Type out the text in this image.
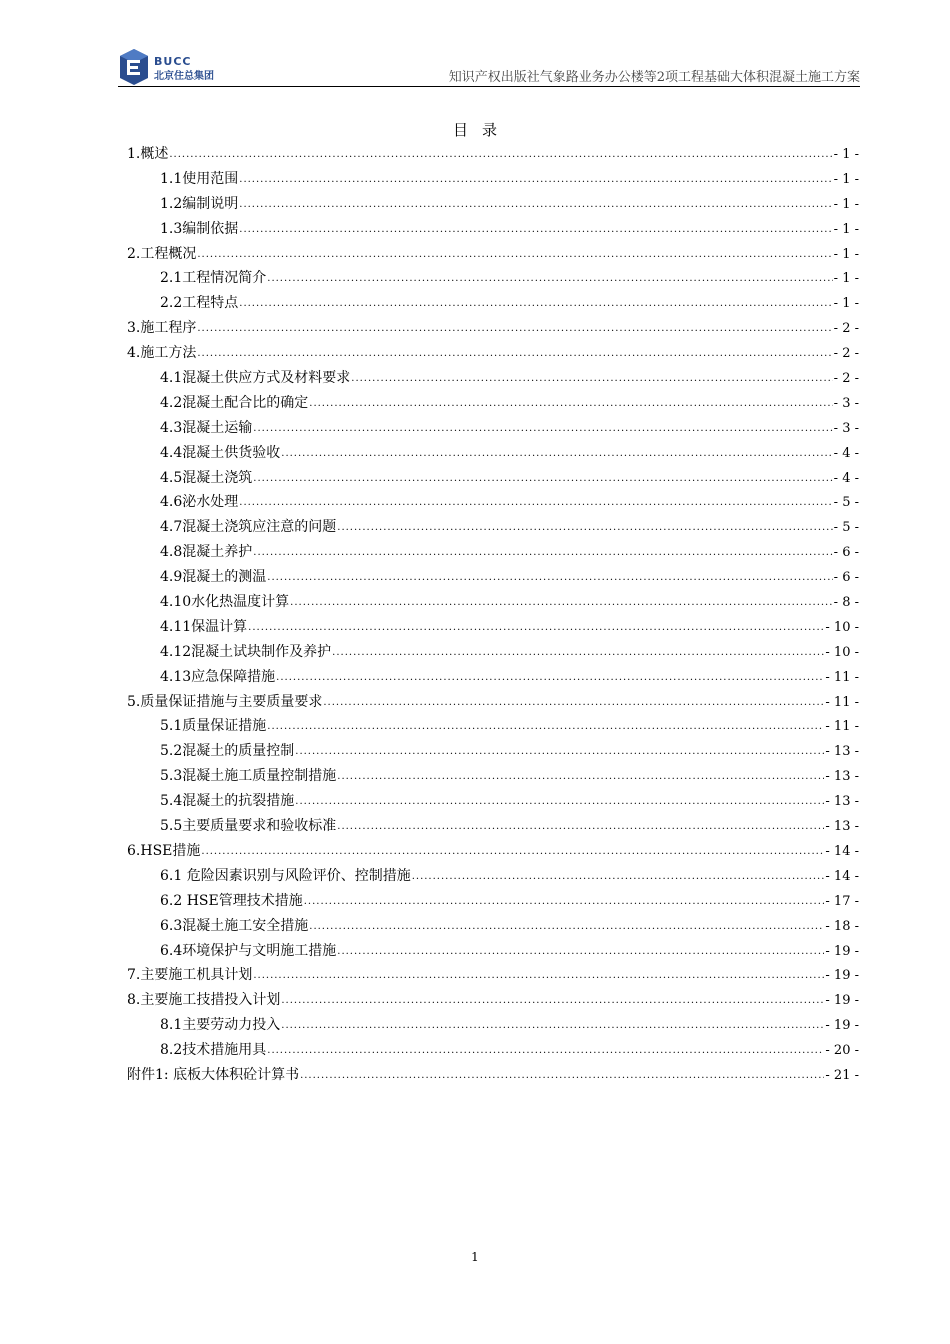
BUCC
北京住总集团	知识产权出版社气象路业务办公楼等2项工程基础大体积混凝土施工方案
目录
1.概述 .....	- 1 -
1.1使用范围 .....	- 1 -
1.2编制说明 .....	- 1 -
1.3编制依据 .....	- 1 -
2.工程概况 .....	- 1 -
2.1工程情况简介 .....	- 1 -
2.2工程特点 .....	- 1 -
3.施工程序 .....	- 2 -
4.施工方法 .....	- 2 -
4.1混凝土供应方式及材料要求 .....	- 2 -
4.2混凝土配合比的确定 .....	- 3 -
4.3混凝土运输 .....	- 3 -
4.4混凝土供货验收 .....	- 4 -
4.5混凝土浇筑 .....	- 4 -
4.6泌水处理 .....	- 5 -
4.7混凝土浇筑应注意的问题 .....	- 5 -
4.8混凝土养护 .....	- 6 -
4.9混凝土的测温 .....	- 6 -
4.10水化热温度计算 .....	- 8 -
4.11保温计算 .....	- 10 -
4.12混凝土试块制作及养护 .....	- 10 -
4.13应急保障措施 .....	- 11 -
5.质量保证措施与主要质量要求 .....	- 11 -
5.1质量保证措施 .....	- 11 -
5.2混凝土的质量控制 .....	- 13 -
5.3混凝土施工质量控制措施 .....	- 13 -
5.4混凝土的抗裂措施 .....	- 13 -
5.5主要质量要求和验收标准 .....	- 13 -
6.HSE措施 .....	- 14 -
6.1 危险因素识别与风险评价、控制措施 .....	- 14 -
6.2 HSE管理技术措施 .....	- 17 -
6.3混凝土施工安全措施 .....	- 18 -
6.4环境保护与文明施工措施 .....	- 19 -
7.主要施工机具计划 .....	- 19 -
8.主要施工技措投入计划 .....	- 19 -
8.1主要劳动力投入 .....	- 19 -
8.2技术措施用具 .....	- 20 -
附件1: 底板大体积砼计算书 .....	- 21 -
1
